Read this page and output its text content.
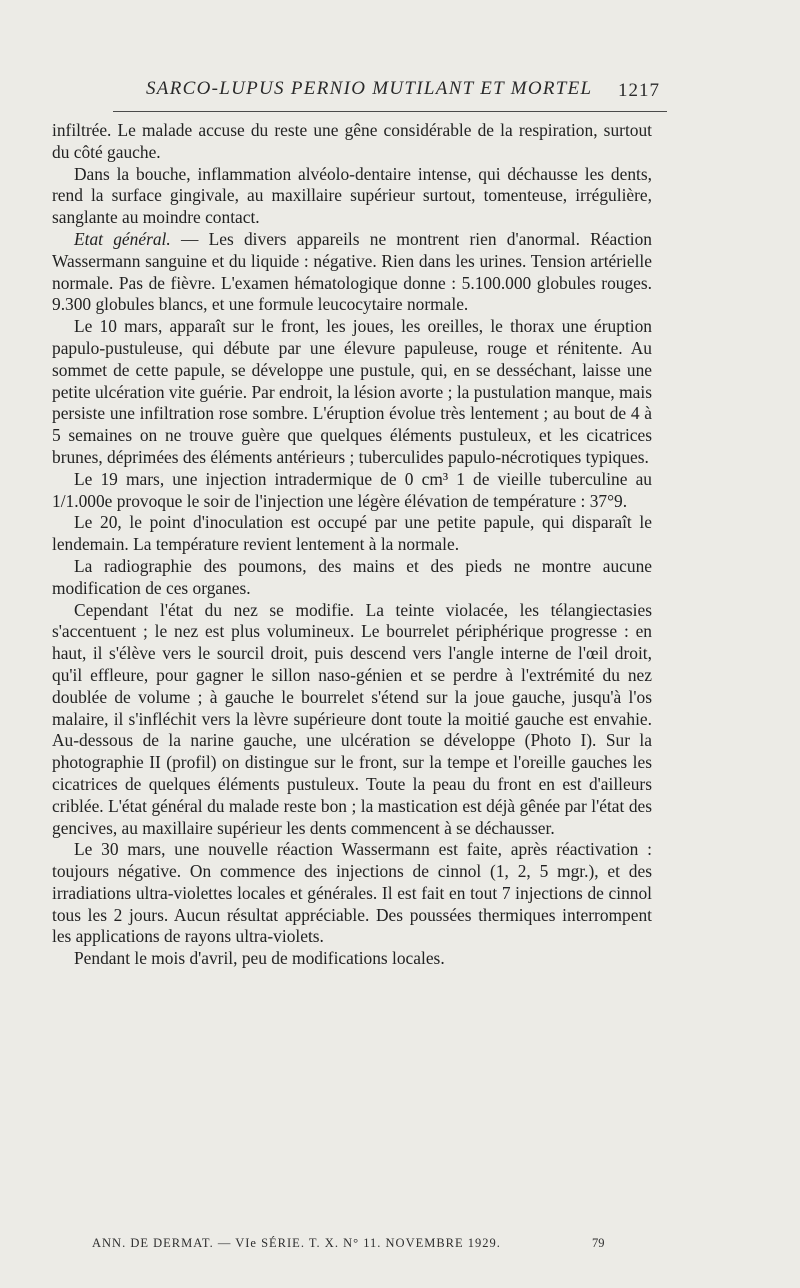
SARCO-LUPUS PERNIO MUTILANT ET MORTEL 1217

infiltrée. Le malade accuse du reste une gêne considérable de la respiration, surtout du côté gauche.

Dans la bouche, inflammation alvéolo-dentaire intense, qui déchausse les dents, rend la surface gingivale, au maxillaire supérieur surtout, tomenteuse, irrégulière, sanglante au moindre contact.

Etat général. — Les divers appareils ne montrent rien d'anormal. Réaction Wassermann sanguine et du liquide : négative. Rien dans les urines. Tension artérielle normale. Pas de fièvre. L'examen hématologique donne : 5.100.000 globules rouges. 9.300 globules blancs, et une formule leucocytaire normale.

Le 10 mars, apparaît sur le front, les joues, les oreilles, le thorax une éruption papulo-pustuleuse, qui débute par une élevure papuleuse, rouge et rénitente. Au sommet de cette papule, se développe une pustule, qui, en se desséchant, laisse une petite ulcération vite guérie. Par endroit, la lésion avorte ; la pustulation manque, mais persiste une infiltration rose sombre. L'éruption évolue très lentement ; au bout de 4 à 5 semaines on ne trouve guère que quelques éléments pustuleux, et les cicatrices brunes, déprimées des éléments antérieurs ; tuberculides papulo-nécrotiques typiques.

Le 19 mars, une injection intradermique de 0 cm³ 1 de vieille tuberculine au 1/1.000e provoque le soir de l'injection une légère élévation de température : 37°9.

Le 20, le point d'inoculation est occupé par une petite papule, qui disparaît le lendemain. La température revient lentement à la normale.

La radiographie des poumons, des mains et des pieds ne montre aucune modification de ces organes.

Cependant l'état du nez se modifie. La teinte violacée, les télangiectasies s'accentuent ; le nez est plus volumineux. Le bourrelet périphérique progresse : en haut, il s'élève vers le sourcil droit, puis descend vers l'angle interne de l'œil droit, qu'il effleure, pour gagner le sillon naso-génien et se perdre à l'extrémité du nez doublée de volume ; à gauche le bourrelet s'étend sur la joue gauche, jusqu'à l'os malaire, il s'infléchit vers la lèvre supérieure dont toute la moitié gauche est envahie. Au-dessous de la narine gauche, une ulcération se développe (Photo I). Sur la photographie II (profil) on distingue sur le front, sur la tempe et l'oreille gauches les cicatrices de quelques éléments pustuleux. Toute la peau du front en est d'ailleurs criblée. L'état général du malade reste bon ; la mastication est déjà gênée par l'état des gencives, au maxillaire supérieur les dents commencent à se déchausser.

Le 30 mars, une nouvelle réaction Wassermann est faite, après réactivation : toujours négative. On commence des injections de cinnol (1, 2, 5 mgr.), et des irradiations ultra-violettes locales et générales. Il est fait en tout 7 injections de cinnol tous les 2 jours. Aucun résultat appréciable. Des poussées thermiques interrompent les applications de rayons ultra-violets.

Pendant le mois d'avril, peu de modifications locales.

ANN. DE DERMAT. — VIe SÉRIE. T. X. N° 11. NOVEMBRE 1929.	79
